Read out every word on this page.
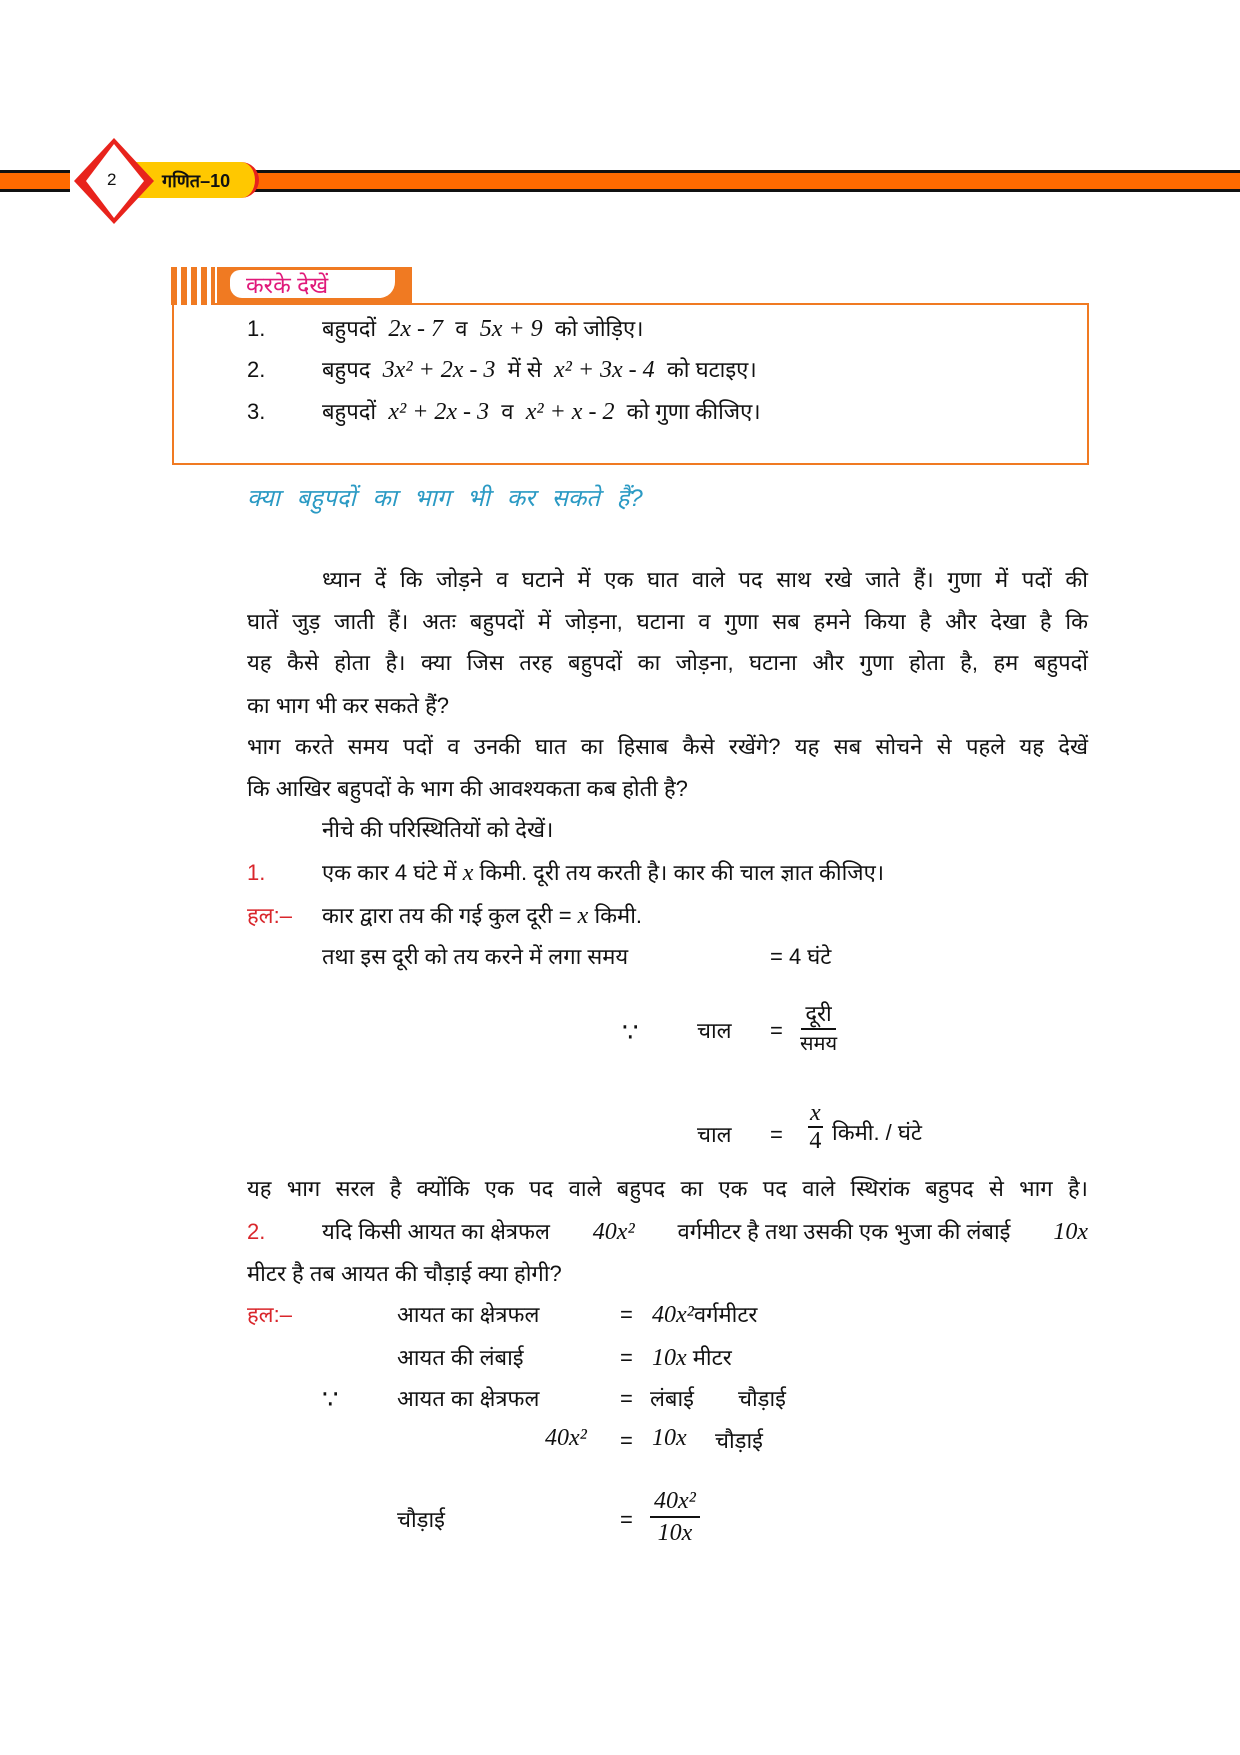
गणित–10
2
करके देखें
1.	बहुपदों 2x - 7 व 5x + 9 को जोड़िए।
2.	बहुपद 3x² + 2x - 3 में से x² + 3x - 4 को घटाइए।
3.	बहुपदों x² + 2x - 3 व x² + x - 2 को गुणा कीजिए।
क्या बहुपदों का भाग भी कर सकते हैं?
ध्यान दें कि जोड़ने व घटाने में एक घात वाले पद साथ रखे जाते हैं। गुणा में पदों की
घातें जुड़ जाती हैं। अतः बहुपदों में जोड़ना, घटाना व गुणा सब हमने किया है और देखा है कि
यह कैसे होता है। क्या जिस तरह बहुपदों का जोड़ना, घटाना और गुणा होता है, हम बहुपदों
का भाग भी कर सकते हैं?
भाग करते समय पदों व उनकी घात का हिसाब कैसे रखेंगे? यह सब सोचने से पहले यह देखें
कि आखिर बहुपदों के भाग की आवश्यकता कब होती है?
नीचे की परिस्थितियों को देखें।
1.	एक कार 4 घंटे में x किमी. दूरी तय करती है। कार की चाल ज्ञात कीजिए।
हल:– कार द्वारा तय की गई कुल दूरी = x किमी.
तथा इस दूरी को तय करने में लगा समय	= 4 घंटे
∵	चाल =
दूरी
समय
चाल = $\frac{x}{4}$ किमी. / घंटे
यह भाग सरल है क्योंकि एक पद वाले बहुपद का एक पद वाले स्थिरांक बहुपद से भाग है।
2.	यदि किसी आयत का क्षेत्रफल 40x² वर्गमीटर है तथा उसकी एक भुजा की लंबाई 10x
मीटर है तब आयत की चौड़ाई क्या होगी?
हल:–	आयत का क्षेत्रफल	= 40x²वर्गमीटर
आयत की लंबाई	= 10x मीटर
∵	आयत का क्षेत्रफल	= लंबाई चौड़ाई
40x² = 10x चौड़ाई
चौड़ाई	= $\frac{\text{40x²}}{10x}$
